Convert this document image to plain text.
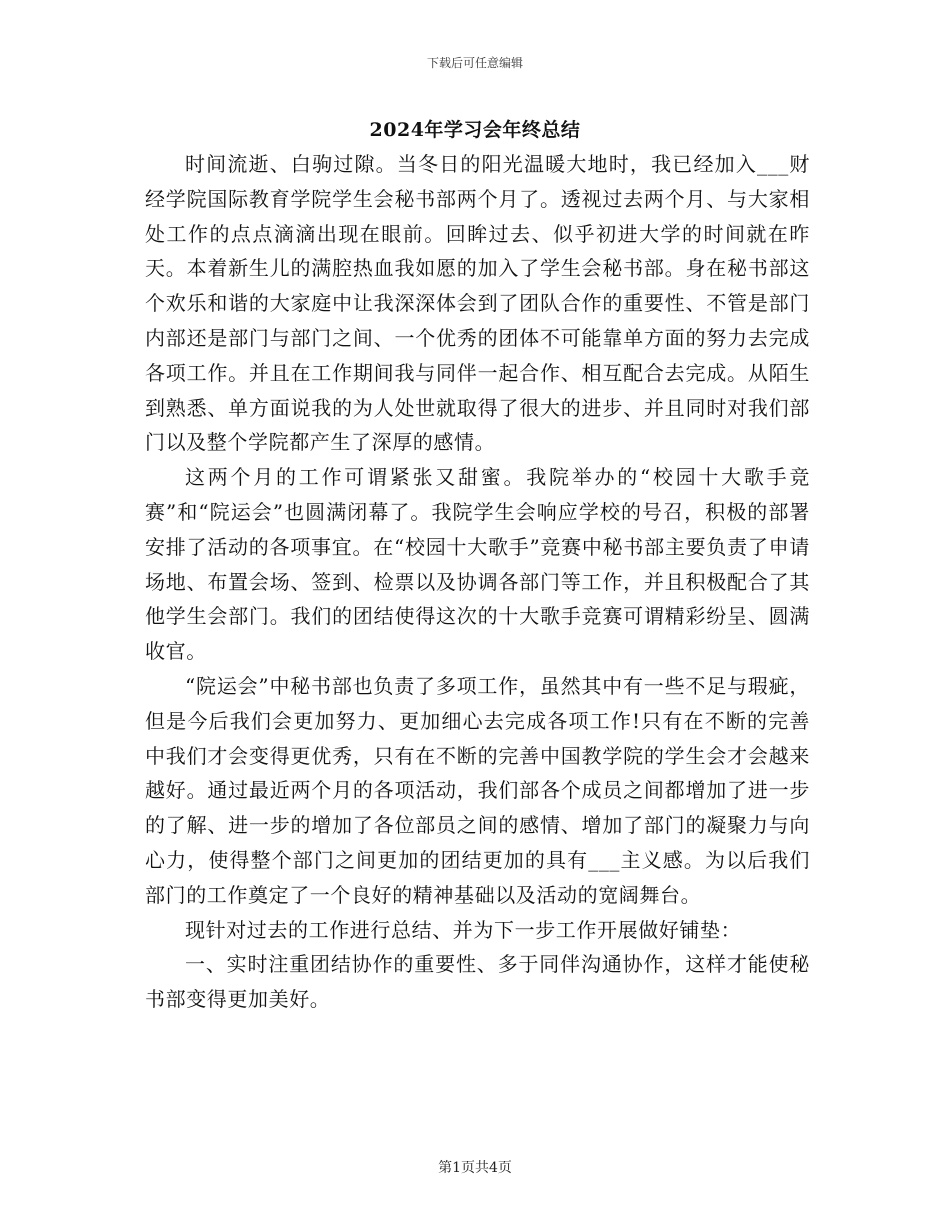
下载后可任意编辑
2024年学习会年终总结

时间流逝、白驹过隙。当冬日的阳光温暖大地时，我已经加入___财经学院国际教育学院学生会秘书部两个月了。透视过去两个月、与大家相处工作的点点滴滴出现在眼前。回眸过去、似乎初进大学的时间就在昨天。本着新生儿的满腔热血我如愿的加入了学生会秘书部。身在秘书部这个欢乐和谐的大家庭中让我深深体会到了团队合作的重要性、不管是部门内部还是部门与部门之间、一个优秀的团体不可能靠单方面的努力去完成各项工作。并且在工作期间我与同伴一起合作、相互配合去完成。从陌生到熟悉、单方面说我的为人处世就取得了很大的进步、并且同时对我们部门以及整个学院都产生了深厚的感情。

这两个月的工作可谓紧张又甜蜜。我院举办的“校园十大歌手竞赛”和“院运会”也圆满闭幕了。我院学生会响应学校的号召，积极的部署安排了活动的各项事宜。在“校园十大歌手”竞赛中秘书部主要负责了申请场地、布置会场、签到、检票以及协调各部门等工作，并且积极配合了其他学生会部门。我们的团结使得这次的十大歌手竞赛可谓精彩纷呈、圆满收官。

“院运会”中秘书部也负责了多项工作，虽然其中有一些不足与瑕疵，但是今后我们会更加努力、更加细心去完成各项工作!只有在不断的完善中我们才会变得更优秀，只有在不断的完善中国教学院的学生会才会越来越好。通过最近两个月的各项活动，我们部各个成员之间都增加了进一步的了解、进一步的增加了各位部员之间的感情、增加了部门的凝聚力与向心力，使得整个部门之间更加的团结更加的具有___主义感。为以后我们部门的工作奠定了一个良好的精神基础以及活动的宽阔舞台。

现针对过去的工作进行总结、并为下一步工作开展做好铺垫：

一、实时注重团结协作的重要性、多于同伴沟通协作，这样才能使秘书部变得更加美好。

第1页共4页
